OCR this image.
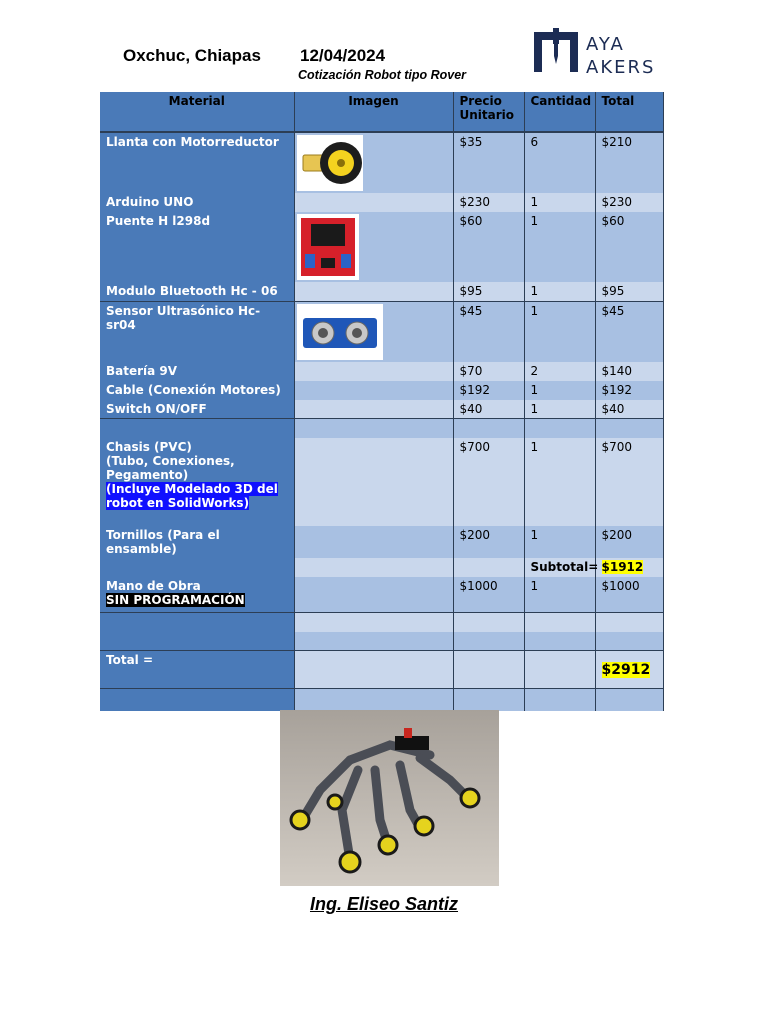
Oxchuc, Chiapas 12/04/2024
Cotización Robot tipo Rover
AYA
AKERS
Material	Imagen	Precio Unitario	Cantidad	Total
Llanta con Motorreductor		$35	6	$210
Arduino UNO		$230	1	$230
Puente H l298d		$60	1	$60
Modulo Bluetooth Hc - 06		$95	1	$95
Sensor Ultrasónico Hc-sr04		$45	1	$45
Batería 9V		$70	2	$140
Cable (Conexión Motores)		$192	1	$192
Switch ON/OFF		$40	1	$40

Chasis (PVC)
(Tubo, Conexiones,
Pegamento)
(Incluye Modelado 3D del
robot en SolidWorks)		$700	1	$700
Tornillos (Para el ensamble)		$200	1	$200
			Subtotal=	$1912

Mano de Obra
SIN PROGRAMACIÓN		$1000	1	$1000

Total =				$2912

Ing. Eliseo Santiz
